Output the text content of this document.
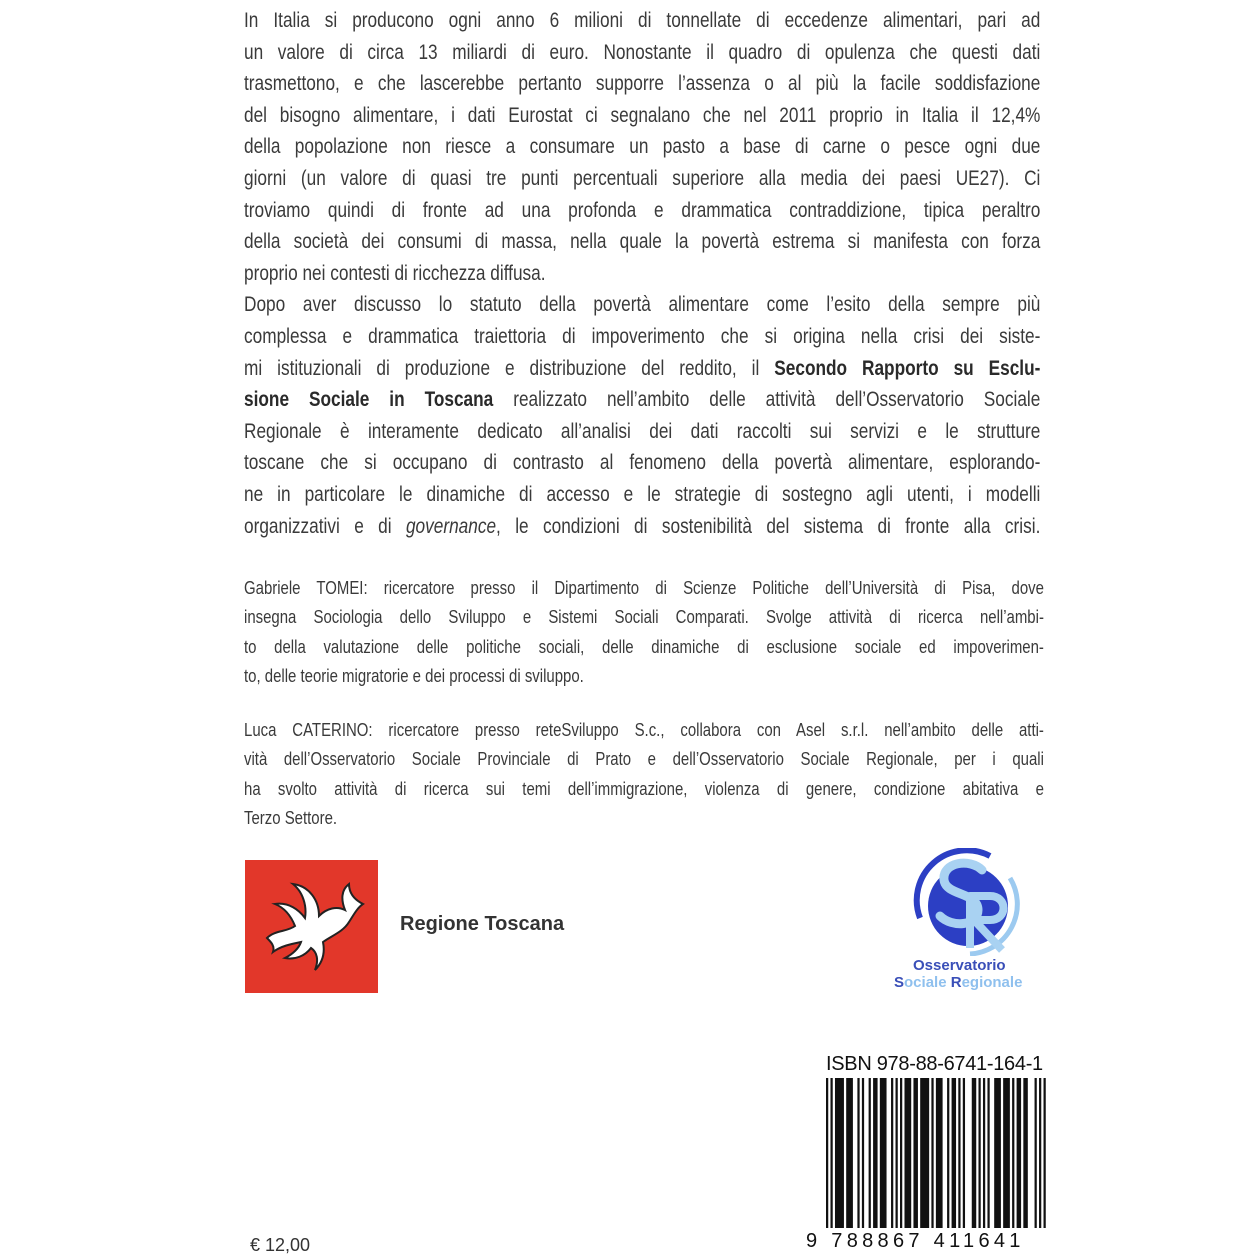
In Italia si producono ogni anno 6 milioni di tonnellate di eccedenze alimentari, pari ad
un valore di circa 13 miliardi di euro. Nonostante il quadro di opulenza che questi dati
trasmettono, e che lascerebbe pertanto supporre l’assenza o al più la facile soddisfazione
del bisogno alimentare, i dati Eurostat ci segnalano che nel 2011 proprio in Italia il 12,4%
della popolazione non riesce a consumare un pasto a base di carne o pesce ogni due
giorni (un valore di quasi tre punti percentuali superiore alla media dei paesi UE27). Ci
troviamo quindi di fronte ad una profonda e drammatica contraddizione, tipica peraltro
della società dei consumi di massa, nella quale la povertà estrema si manifesta con forza
proprio nei contesti di ricchezza diffusa.
Dopo aver discusso lo statuto della povertà alimentare come l’esito della sempre più
complessa e drammatica traiettoria di impoverimento che si origina nella crisi dei siste-
mi istituzionali di produzione e distribuzione del reddito, il Secondo Rapporto su Esclu-
sione Sociale in Toscana realizzato nell’ambito delle attività dell’Osservatorio Sociale
Regionale è interamente dedicato all’analisi dei dati raccolti sui servizi e le strutture
toscane che si occupano di contrasto al fenomeno della povertà alimentare, esplorando-
ne in particolare le dinamiche di accesso e le strategie di sostegno agli utenti, i modelli
organizzativi e di governance, le condizioni di sostenibilità del sistema di fronte alla crisi.
Gabriele TOMEI: ricercatore presso il Dipartimento di Scienze Politiche dell’Università di Pisa, dove
insegna Sociologia dello Sviluppo e Sistemi Sociali Comparati. Svolge attività di ricerca nell’ambi-
to della valutazione delle politiche sociali, delle dinamiche di esclusione sociale ed impoverimen-
to, delle teorie migratorie e dei processi di sviluppo.
Luca CATERINO: ricercatore presso reteSviluppo S.c., collabora con Asel s.r.l. nell’ambito delle atti-
vità dell’Osservatorio Sociale Provinciale di Prato e dell’Osservatorio Sociale Regionale, per i quali
ha svolto attività di ricerca sui temi dell’immigrazione, violenza di genere, condizione abitativa e
Terzo Settore.
Regione Toscana
Osservatorio
Sociale Regionale
ISBN 978-88-6741-164-1
9 788867 411641
€ 12,00
